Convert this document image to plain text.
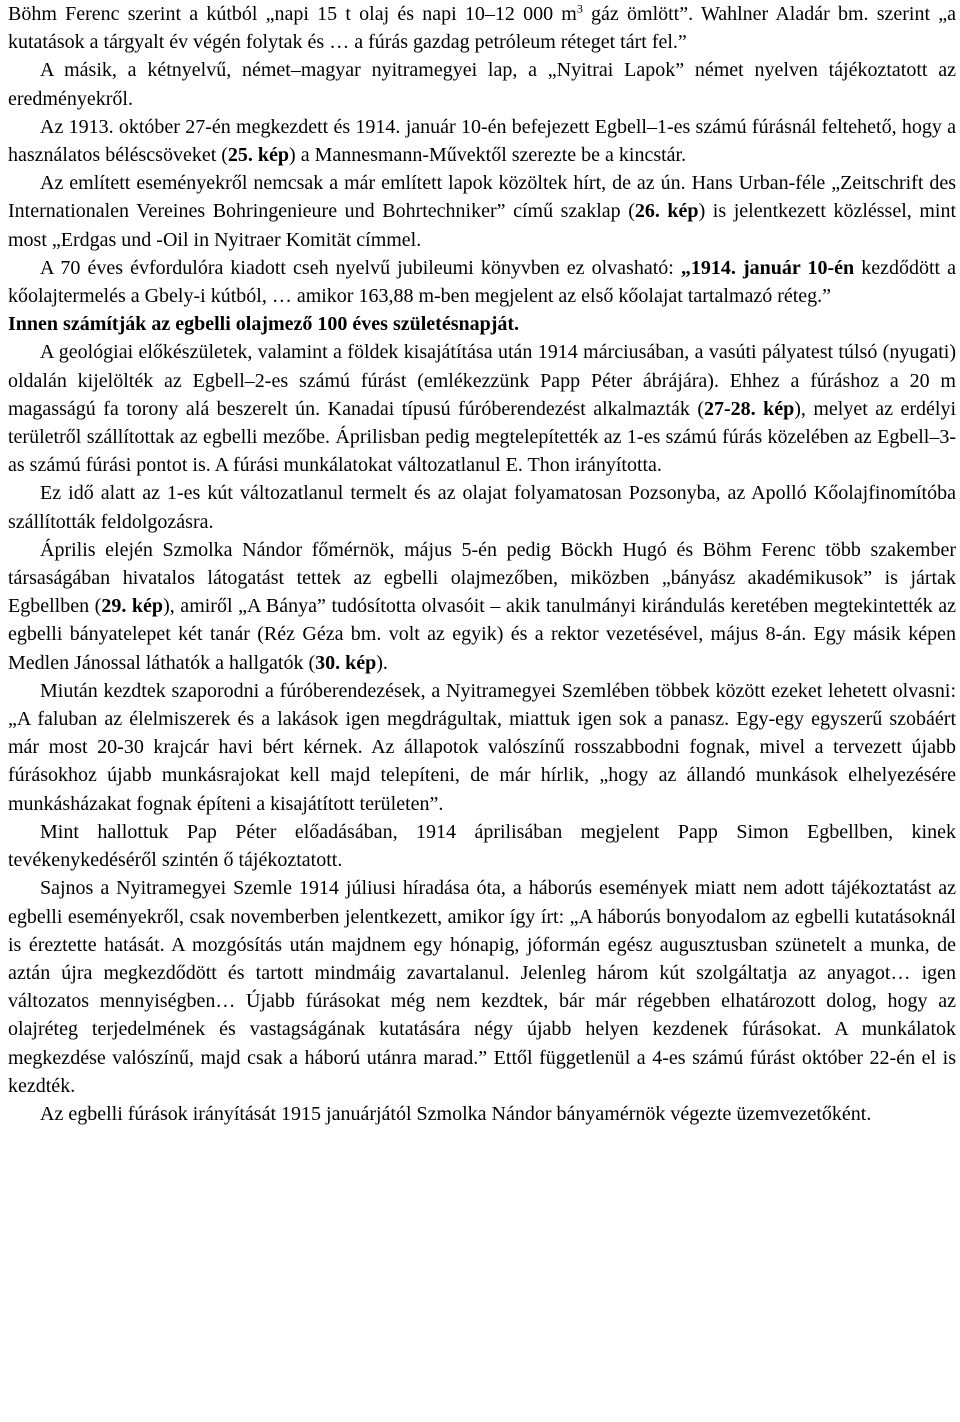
Böhm Ferenc szerint a kútból „napi 15 t olaj és napi 10–12 000 $m^3$ gáz ömlött”. Wahlner Aladár bm. szerint „a kutatások a tárgyalt év végén folytak és … a fúrás gazdag petróleum réteget tárt fel.”

A másik, a kétnyelvű, német–magyar nyitramegyei lap, a „Nyitrai Lapok” német nyelven tájékoztatott az eredményekről.

Az 1913. október 27-én megkezdett és 1914. január 10-én befejezett Egbell–1-es számú fúrásnál feltehető, hogy a használatos béléscsöveket (25. kép) a Mannesmann-Művektől szerezte be a kincstár.

Az említett eseményekről nemcsak a már említett lapok közöltek hírt, de az ún. Hans Urban-féle „Zeitschrift des Internationalen Vereines Bohringenieure und Bohrtechniker” című szaklap (26. kép) is jelentkezett közléssel, mint most „Erdgas und -Oil in Nyitraer Komität címmel.

A 70 éves évfordulóra kiadott cseh nyelvű jubileumi könyvben ez olvasható: „1914. január 10-én kezdődött a kőolajtermelés a Gbely-i kútból, … amikor 163,88 m-ben megjelent az első kőolajat tartalmazó réteg.”

Innen számítják az egbelli olajmező 100 éves születésnapját.

A geológiai előkészületek, valamint a földek kisajátítása után 1914 márciusában, a vasúti pályatest túlsó (nyugati) oldalán kijelölték az Egbell–2-es számú fúrást (emlékezzünk Papp Péter ábrájára). Ehhez a fúráshoz a 20 m magasságú fa torony alá beszerelt ún. Kanadai típusú fúróberendezést alkalmazták (27-28. kép), melyet az erdélyi területről szállítottak az egbelli mezőbe. Áprilisban pedig megtelepítették az 1-es számú fúrás közelében az Egbell–3-as számú fúrási pontot is. A fúrási munkálatokat változatlanul E. Thon irányította.

Ez idő alatt az 1-es kút változatlanul termelt és az olajat folyamatosan Pozsonyba, az Apolló Kőolajfinomítóba szállították feldolgozásra.

Április elején Szmolka Nándor főmérnök, május 5-én pedig Böckh Hugó és Böhm Ferenc több szakember társaságában hivatalos látogatást tettek az egbelli olajmezőben, miközben „bányász akadémikusok” is jártak Egbellben (29. kép), amiről „A Bánya” tudósította olvasóit – akik tanulmányi kirándulás keretében megtekintették az egbelli bányatelepet két tanár (Réz Géza bm. volt az egyik) és a rektor vezetésével, május 8-án. Egy másik képen Medlen Jánossal láthatók a hallgatók (30. kép).

Miután kezdtek szaporodni a fúróberendezések, a Nyitramegyei Szemlében többek között ezeket lehetett olvasni: „A faluban az élelmiszerek és a lakások igen megdrágultak, miattuk igen sok a panasz. Egy-egy egyszerű szobáért már most 20-30 krajcár havi bért kérnek. Az állapotok valószínű rosszabbodni fognak, mivel a tervezett újabb fúrásokhoz újabb munkásrajokat kell majd telepíteni, de már hírlik, „hogy az állandó munkások elhelyezésére munkásházakat fognak építeni a kisajátított területen”.

Mint hallottuk Pap Péter előadásában, 1914 áprilisában megjelent Papp Simon Egbellben, kinek tevékenykedéséről szintén ő tájékoztatott.

Sajnos a Nyitramegyei Szemle 1914 júliusi híradása óta, a háborús események miatt nem adott tájékoztatást az egbelli eseményekről, csak novemberben jelentkezett, amikor így írt: „A háborús bonyodalom az egbelli kutatásoknál is éreztette hatását. A mozgósítás után majdnem egy hónapig, jóformán egész augusztusban szünetelt a munka, de aztán újra megkezdődött és tartott mindmáig zavartalanul. Jelenleg három kút szolgáltatja az anyagot… igen változatos mennyiségben… Újabb fúrásokat még nem kezdtek, bár már régebben elhatározott dolog, hogy az olajréteg terjedelmének és vastagságának kutatására négy újabb helyen kezdenek fúrásokat. A munkálatok megkezdése valószínű, majd csak a háború utánra marad.” Ettől függetlenül a 4-es számú fúrást október 22-én el is kezdték.

Az egbelli fúrások irányítását 1915 januárjától Szmolka Nándor bányamérnök végezte üzemvezetőként.
